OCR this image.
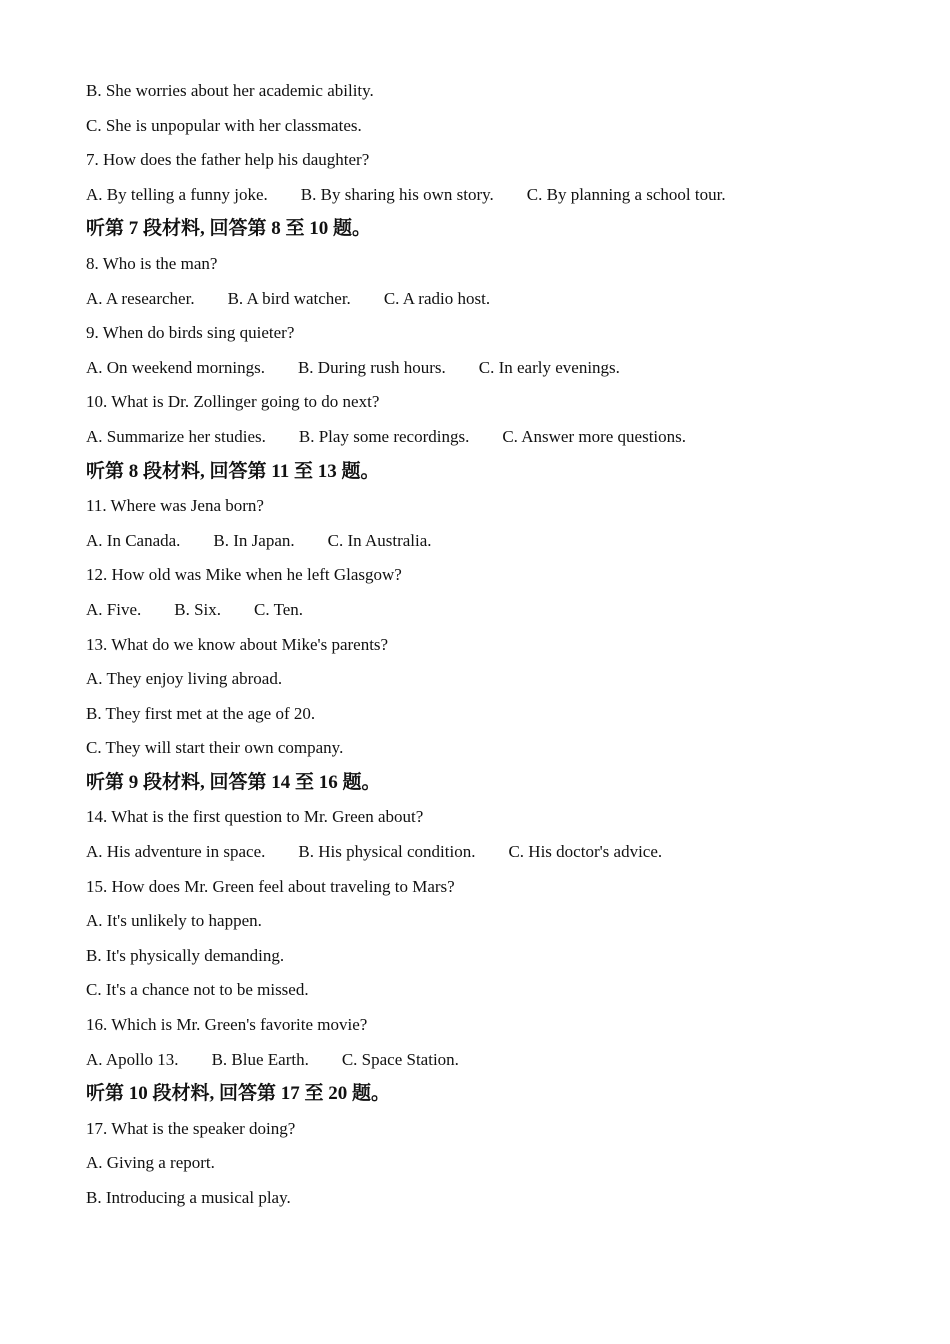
B. She worries about her academic ability.
C. She is unpopular with her classmates.
7. How does the father help his daughter?
A. By telling a funny joke. B. By sharing his own story. C. By planning a school tour.
听第 7 段材料, 回答第 8 至 10 题。
8. Who is the man?
A. A researcher. B. A bird watcher. C. A radio host.
9. When do birds sing quieter?
A. On weekend mornings. B. During rush hours. C. In early evenings.
10. What is Dr. Zollinger going to do next?
A. Summarize her studies. B. Play some recordings. C. Answer more questions.
听第 8 段材料, 回答第 11 至 13 题。
11. Where was Jena born?
A. In Canada. B. In Japan. C. In Australia.
12. How old was Mike when he left Glasgow?
A. Five. B. Six. C. Ten.
13. What do we know about Mike's parents?
A. They enjoy living abroad.
B. They first met at the age of 20.
C. They will start their own company.
听第 9 段材料, 回答第 14 至 16 题。
14. What is the first question to Mr. Green about?
A. His adventure in space. B. His physical condition. C. His doctor's advice.
15. How does Mr. Green feel about traveling to Mars?
A. It's unlikely to happen.
B. It's physically demanding.
C. It's a chance not to be missed.
16. Which is Mr. Green's favorite movie?
A. Apollo 13. B. Blue Earth. C. Space Station.
听第 10 段材料, 回答第 17 至 20 题。
17. What is the speaker doing?
A. Giving a report.
B. Introducing a musical play.
